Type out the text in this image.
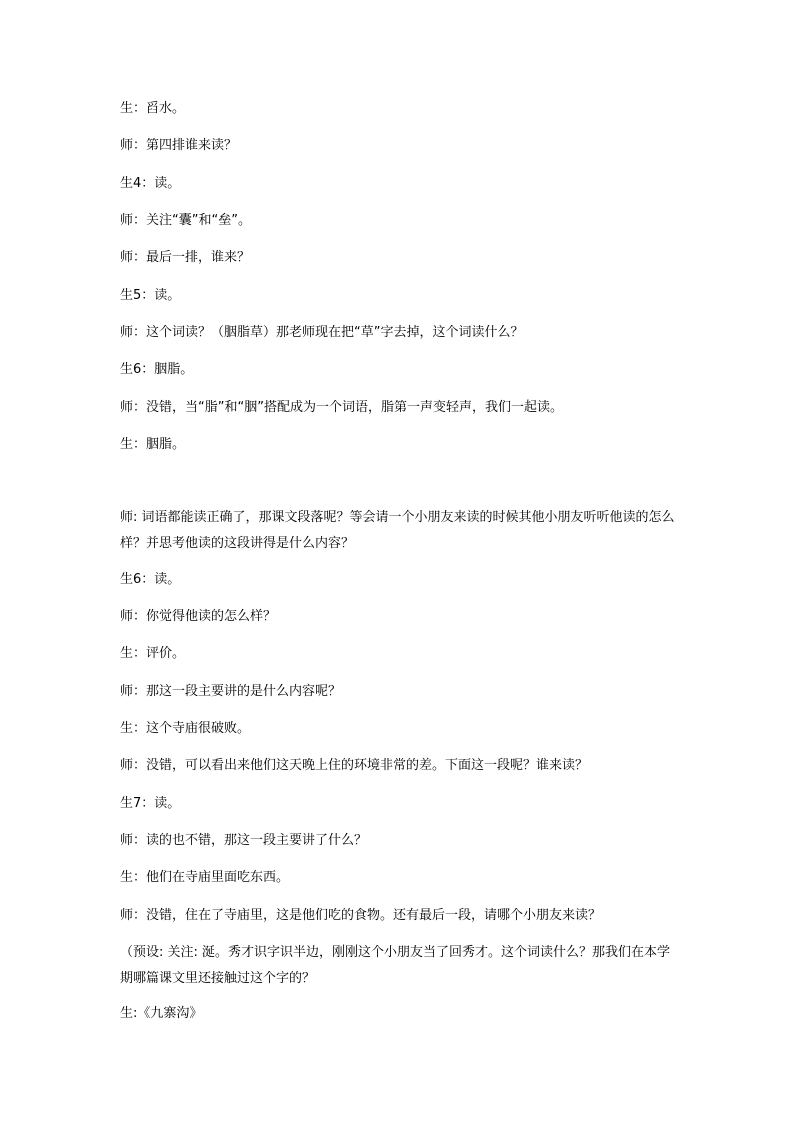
生：舀水。
师：第四排谁来读？
生4：读。
师：关注“囊”和“垒”。
师：最后一排，谁来？
生5：读。
师：这个词读？（胭脂草）那老师现在把“草”字去掉，这个词读什么？
生6：胭脂。
师：没错，当“脂”和“胭”搭配成为一个词语，脂第一声变轻声，我们一起读。
生：胭脂。
师: 词语都能读正确了，那课文段落呢？等会请一个小朋友来读的时候其他小朋友听听他读的怎么样？并思考他读的这段讲得是什么内容？
生6：读。
师：你觉得他读的怎么样？
生：评价。
师：那这一段主要讲的是什么内容呢？
生：这个寺庙很破败。
师：没错，可以看出来他们这天晚上住的环境非常的差。下面这一段呢？谁来读？
生7：读。
师：读的也不错，那这一段主要讲了什么？
生：他们在寺庙里面吃东西。
师：没错，住在了寺庙里，这是他们吃的食物。还有最后一段，请哪个小朋友来读？
（预设: 关注: 涎。秀才识字识半边，刚刚这个小朋友当了回秀才。这个词读什么？那我们在本学期哪篇课文里还接触过这个字的？
生:《九寨沟》
